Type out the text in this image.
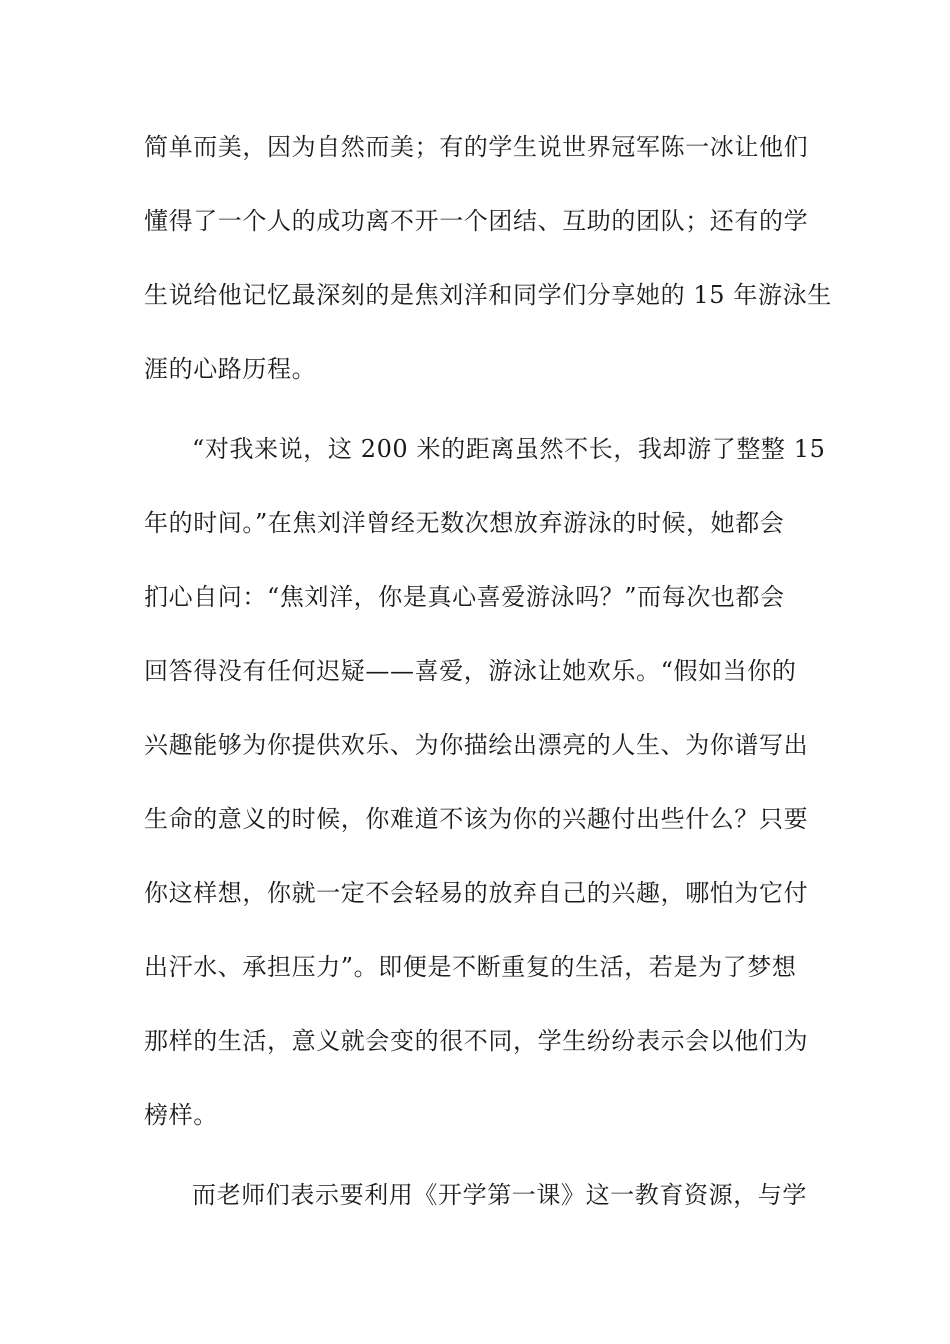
简单而美，因为自然而美；有的学生说世界冠军陈一冰让他们
懂得了一个人的成功离不开一个团结、互助的团队；还有的学
生说给他记忆最深刻的是焦刘洋和同学们分享她的 15 年游泳生
涯的心路历程。
“对我来说，这 200 米的距离虽然不长，我却游了整整 15
年的时间。”在焦刘洋曾经无数次想放弃游泳的时候，她都会
扪心自问：“焦刘洋，你是真心喜爱游泳吗？”而每次也都会
回答得没有任何迟疑——喜爱，游泳让她欢乐。“假如当你的
兴趣能够为你提供欢乐、为你描绘出漂亮的人生、为你谱写出
生命的意义的时候，你难道不该为你的兴趣付出些什么？只要
你这样想，你就一定不会轻易的放弃自己的兴趣，哪怕为它付
出汗水、承担压力”。即便是不断重复的生活，若是为了梦想
那样的生活，意义就会变的很不同，学生纷纷表示会以他们为
榜样。
而老师们表示要利用《开学第一课》这一教育资源，与学
